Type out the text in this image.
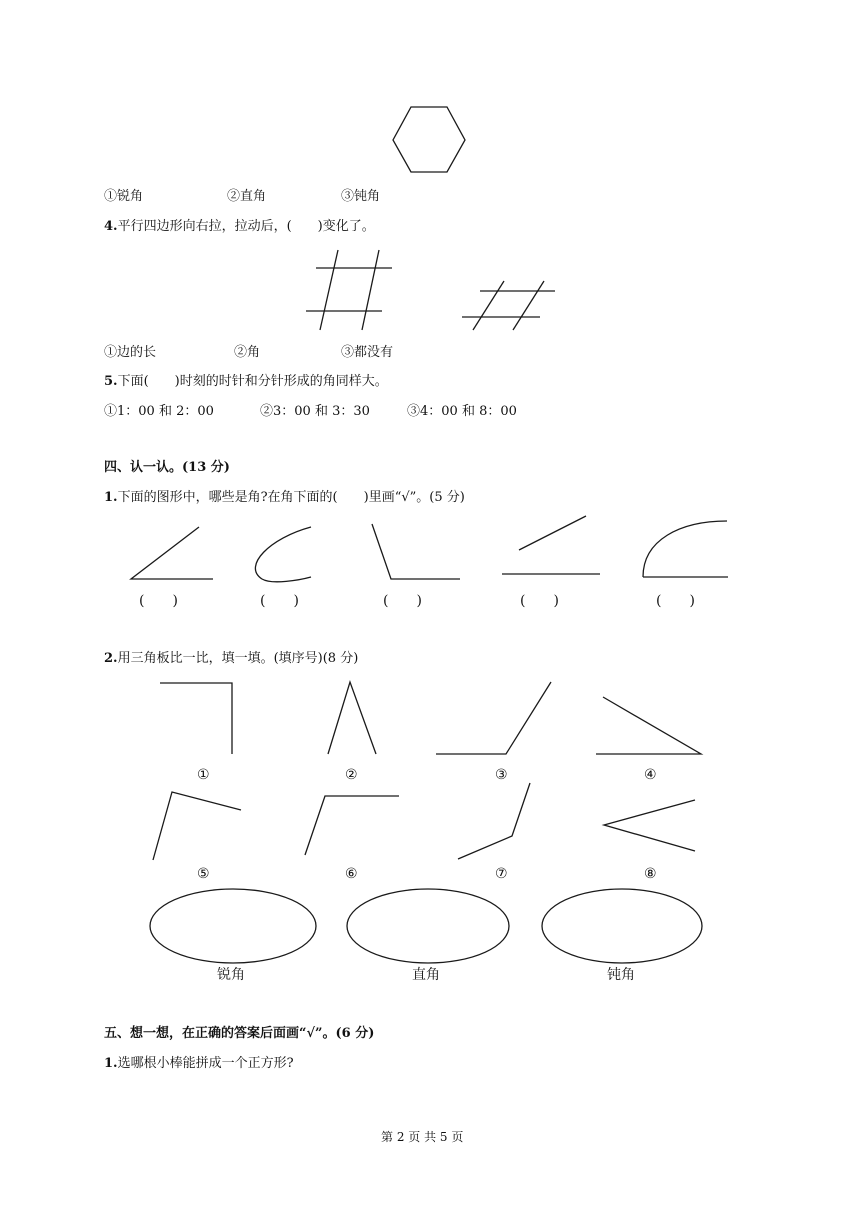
①锐角	②直角	③钝角
4.平行四边形向右拉，拉动后，(　　)变化了。
①边的长	②角	③都没有
5.下面(　　)时刻的时针和分针形成的角同样大。
①1：00 和 2：00	②3：00 和 3：30	③4：00 和 8：00
四、认一认。(13 分)
1.下面的图形中，哪些是角?在角下面的(　　)里画“√”。(5 分)
(　　)	(　　)	(　　)	(　　)	(　　)
2.用三角板比一比，填一填。(填序号)(8 分)
①	②	③	④
⑤	⑥	⑦	⑧
锐角	直角	钝角
五、想一想，在正确的答案后面画“√”。(6 分)
1.选哪根小棒能拼成一个正方形?
第 2 页 共 5 页
